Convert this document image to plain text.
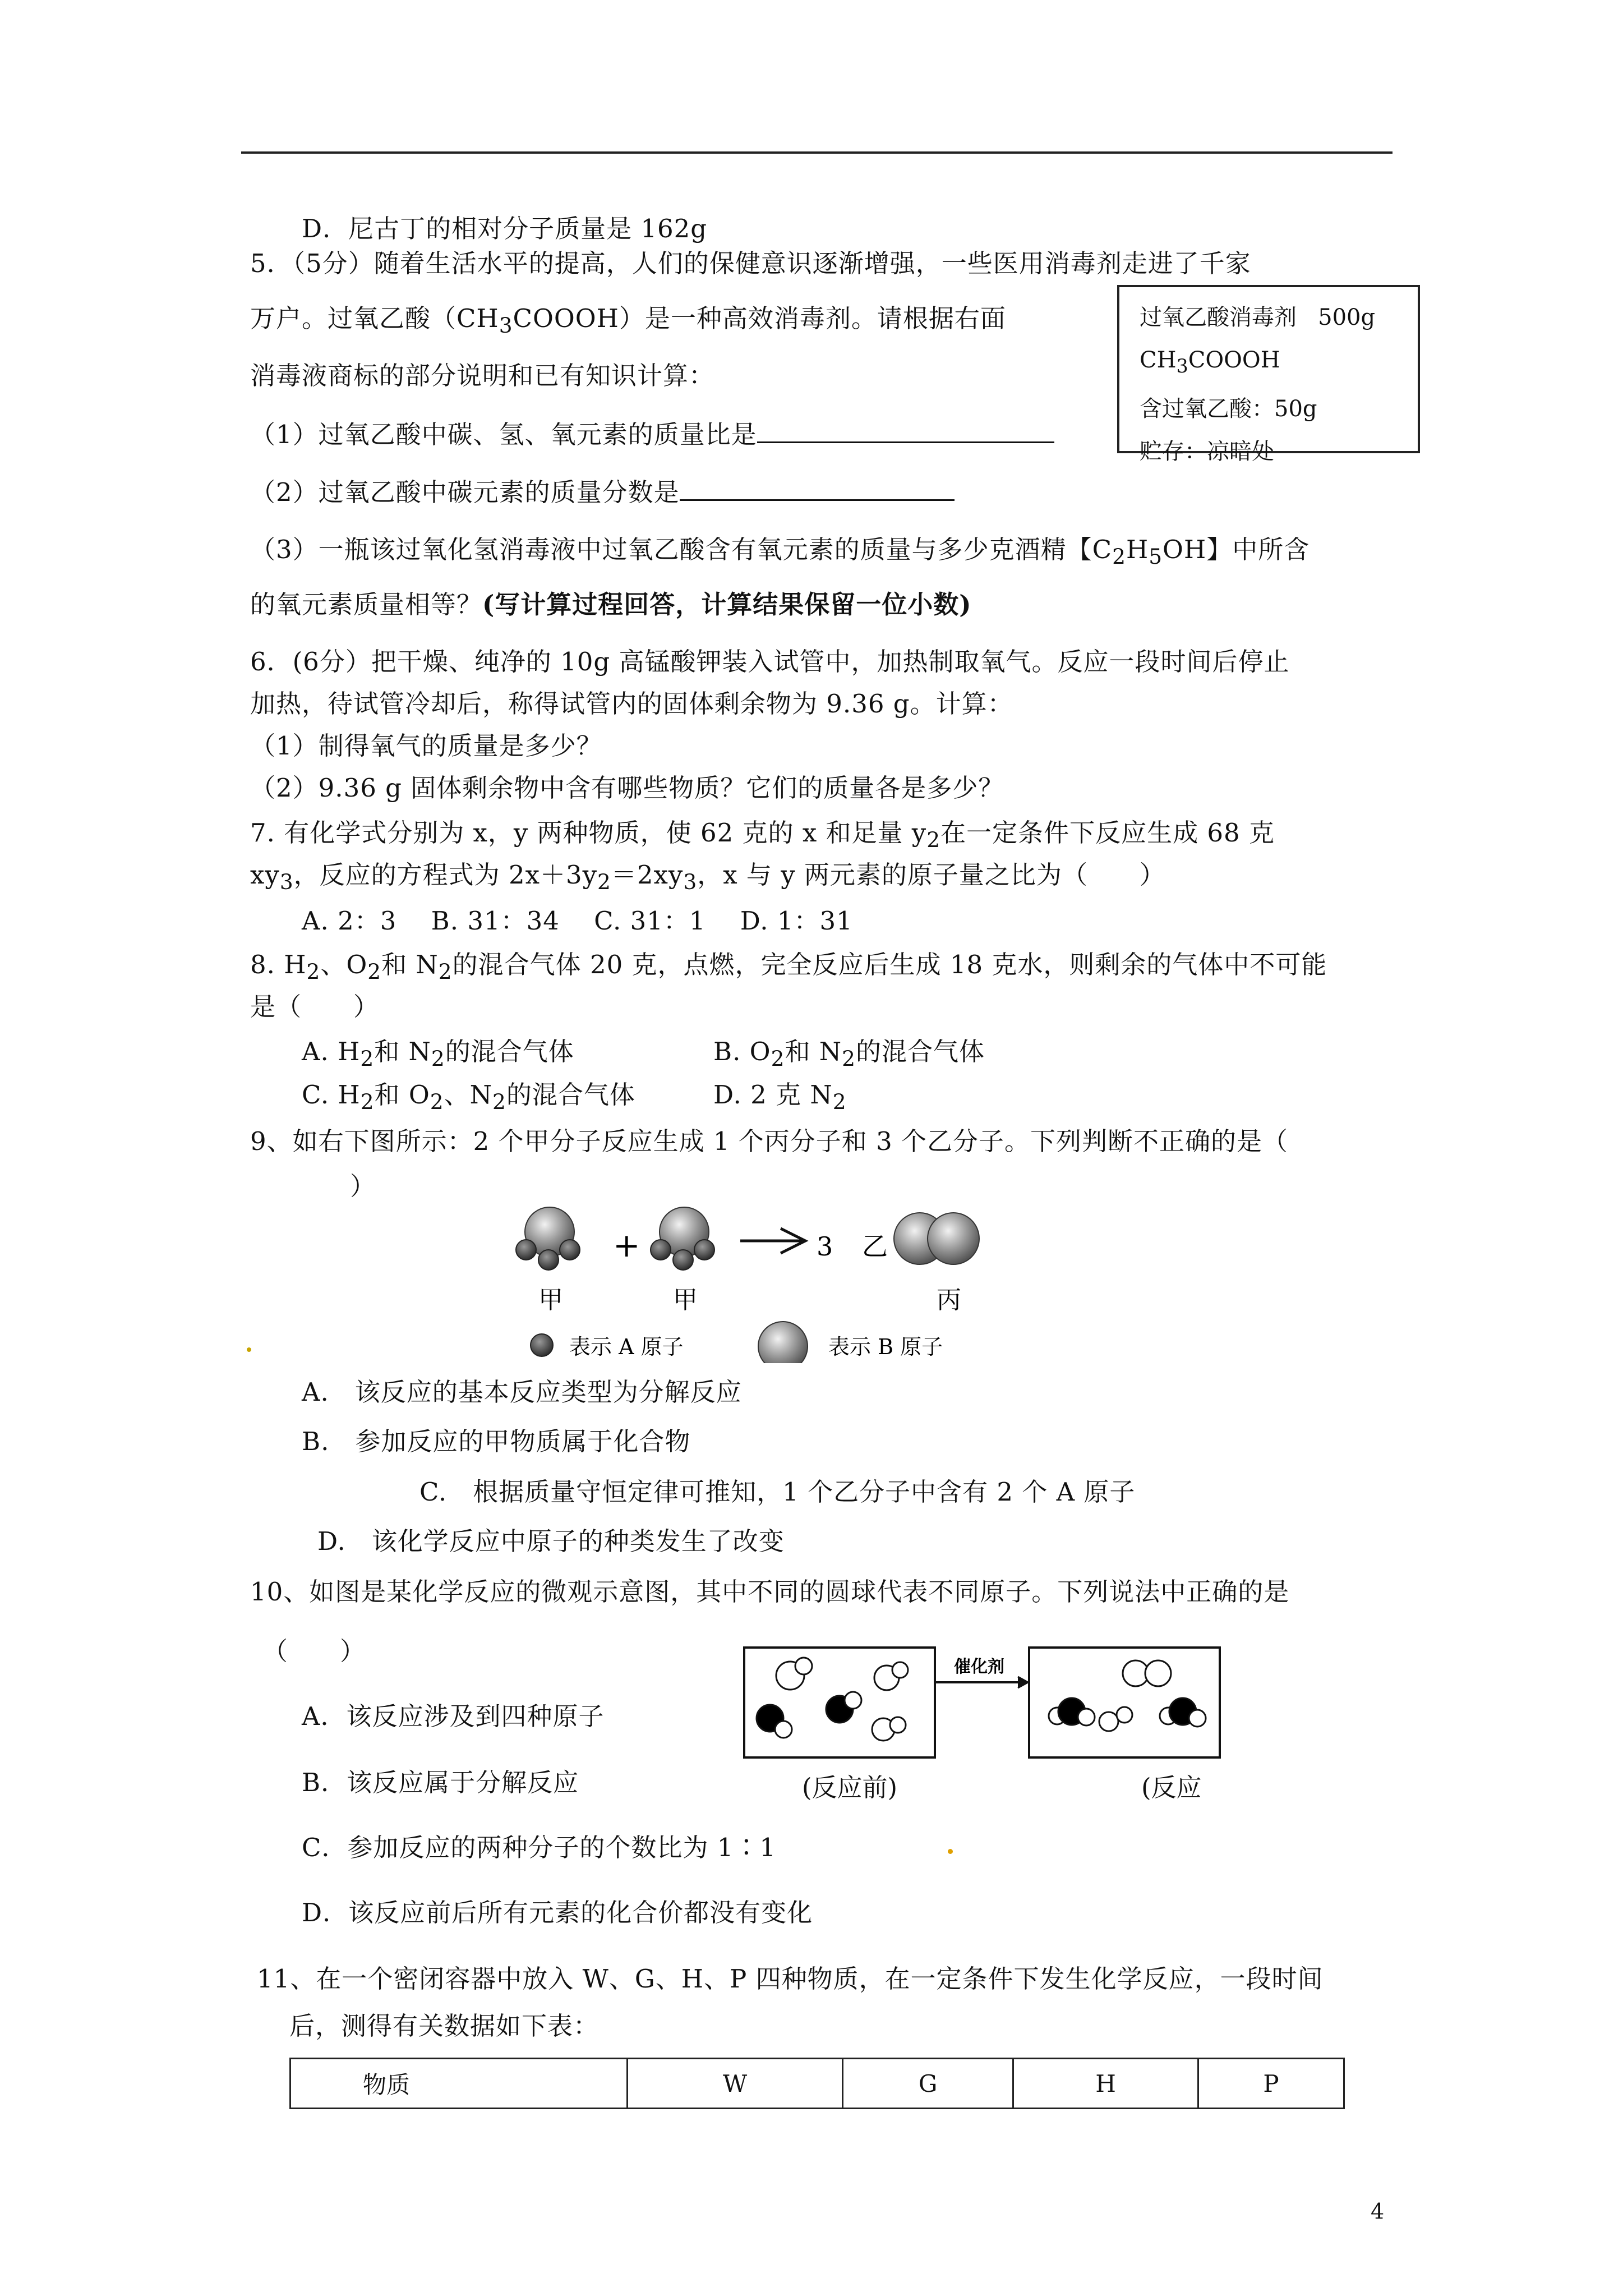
D．尼古丁的相对分子质量是 162g
5．（5分）随着生活水平的提高，人们的保健意识逐渐增强，一些医用消毒剂走进了千家
万户。过氧乙酸$(CH_3COOOH)$是一种高效消毒剂。请根据右面
消毒液商标的部分说明和已有知识计算：
（1）过氧乙酸中碳、氢、氧元素的质量比是
（2）过氧乙酸中碳元素的质量分数是
（3）一瓶该过氧化氢消毒液中过氧乙酸含有氧元素的质量与多少克酒精【$C_2H_5OH$】中所含
的氧元素质量相等？(写计算过程回答，计算结果保留一位小数)
过氧乙酸消毒剂 500g
$CH_3COOOH$
含过氧乙酸：50g
贮存：凉暗处
6．(6分）把干燥、纯净的 10g 高锰酸钾装入试管中，加热制取氧气。反应一段时间后停止
加热，待试管冷却后，称得试管内的固体剩余物为 9.36 g。计算：
（1）制得氧气的质量是多少？
（2）9.36 g 固体剩余物中含有哪些物质？它们的质量各是多少？
7. 有化学式分别为 x，y 两种物质，使 62 克的 x 和足量 $y_2$在一定条件下反应生成 68 克
$xy_3$，反应的方程式为 $2x+3y_2=2xy_3$，x 与 y 两元素的原子量之比为（　　）
A. 2：3　 B. 31：34　 C. 31：1　 D. 1：31
8. $H_2$、$O_2$和 $N_2$的混合气体 20 克，点燃，完全反应后生成 18 克水，则剩余的气体中不可能
是（　　）
A. $H_2$和 $N_2$的混合气体	B. $O_2$和 $N_2$的混合气体
C. $H_2$和 $O_2$、$N_2$的混合气体	D. 2 克 $N_2$
9、如右下图所示：2 个甲分子反应生成 1 个丙分子和 3 个乙分子。下列判断不正确的是（
）
+	3 乙
甲	甲	丙
表示 A 原子	表示 B 原子
A.　该反应的基本反应类型为分解反应
B.　参加反应的甲物质属于化合物
C.　根据质量守恒定律可推知，1 个乙分子中含有 2 个 A 原子
D.　该化学反应中原子的种类发生了改变
10、如图是某化学反应的微观示意图，其中不同的圆球代表不同原子。下列说法中正确的是
（　　）
A．该反应涉及到四种原子
B．该反应属于分解反应
C．参加反应的两种分子的个数比为 1∶1
D．该反应前后所有元素的化合价都没有变化
催化剂
(反应前)	(反应
11、在一个密闭容器中放入 W、G、H、P 四种物质，在一定条件下发生化学反应，一段时间
后，测得有关数据如下表：
物质	W	G	H	P
4
